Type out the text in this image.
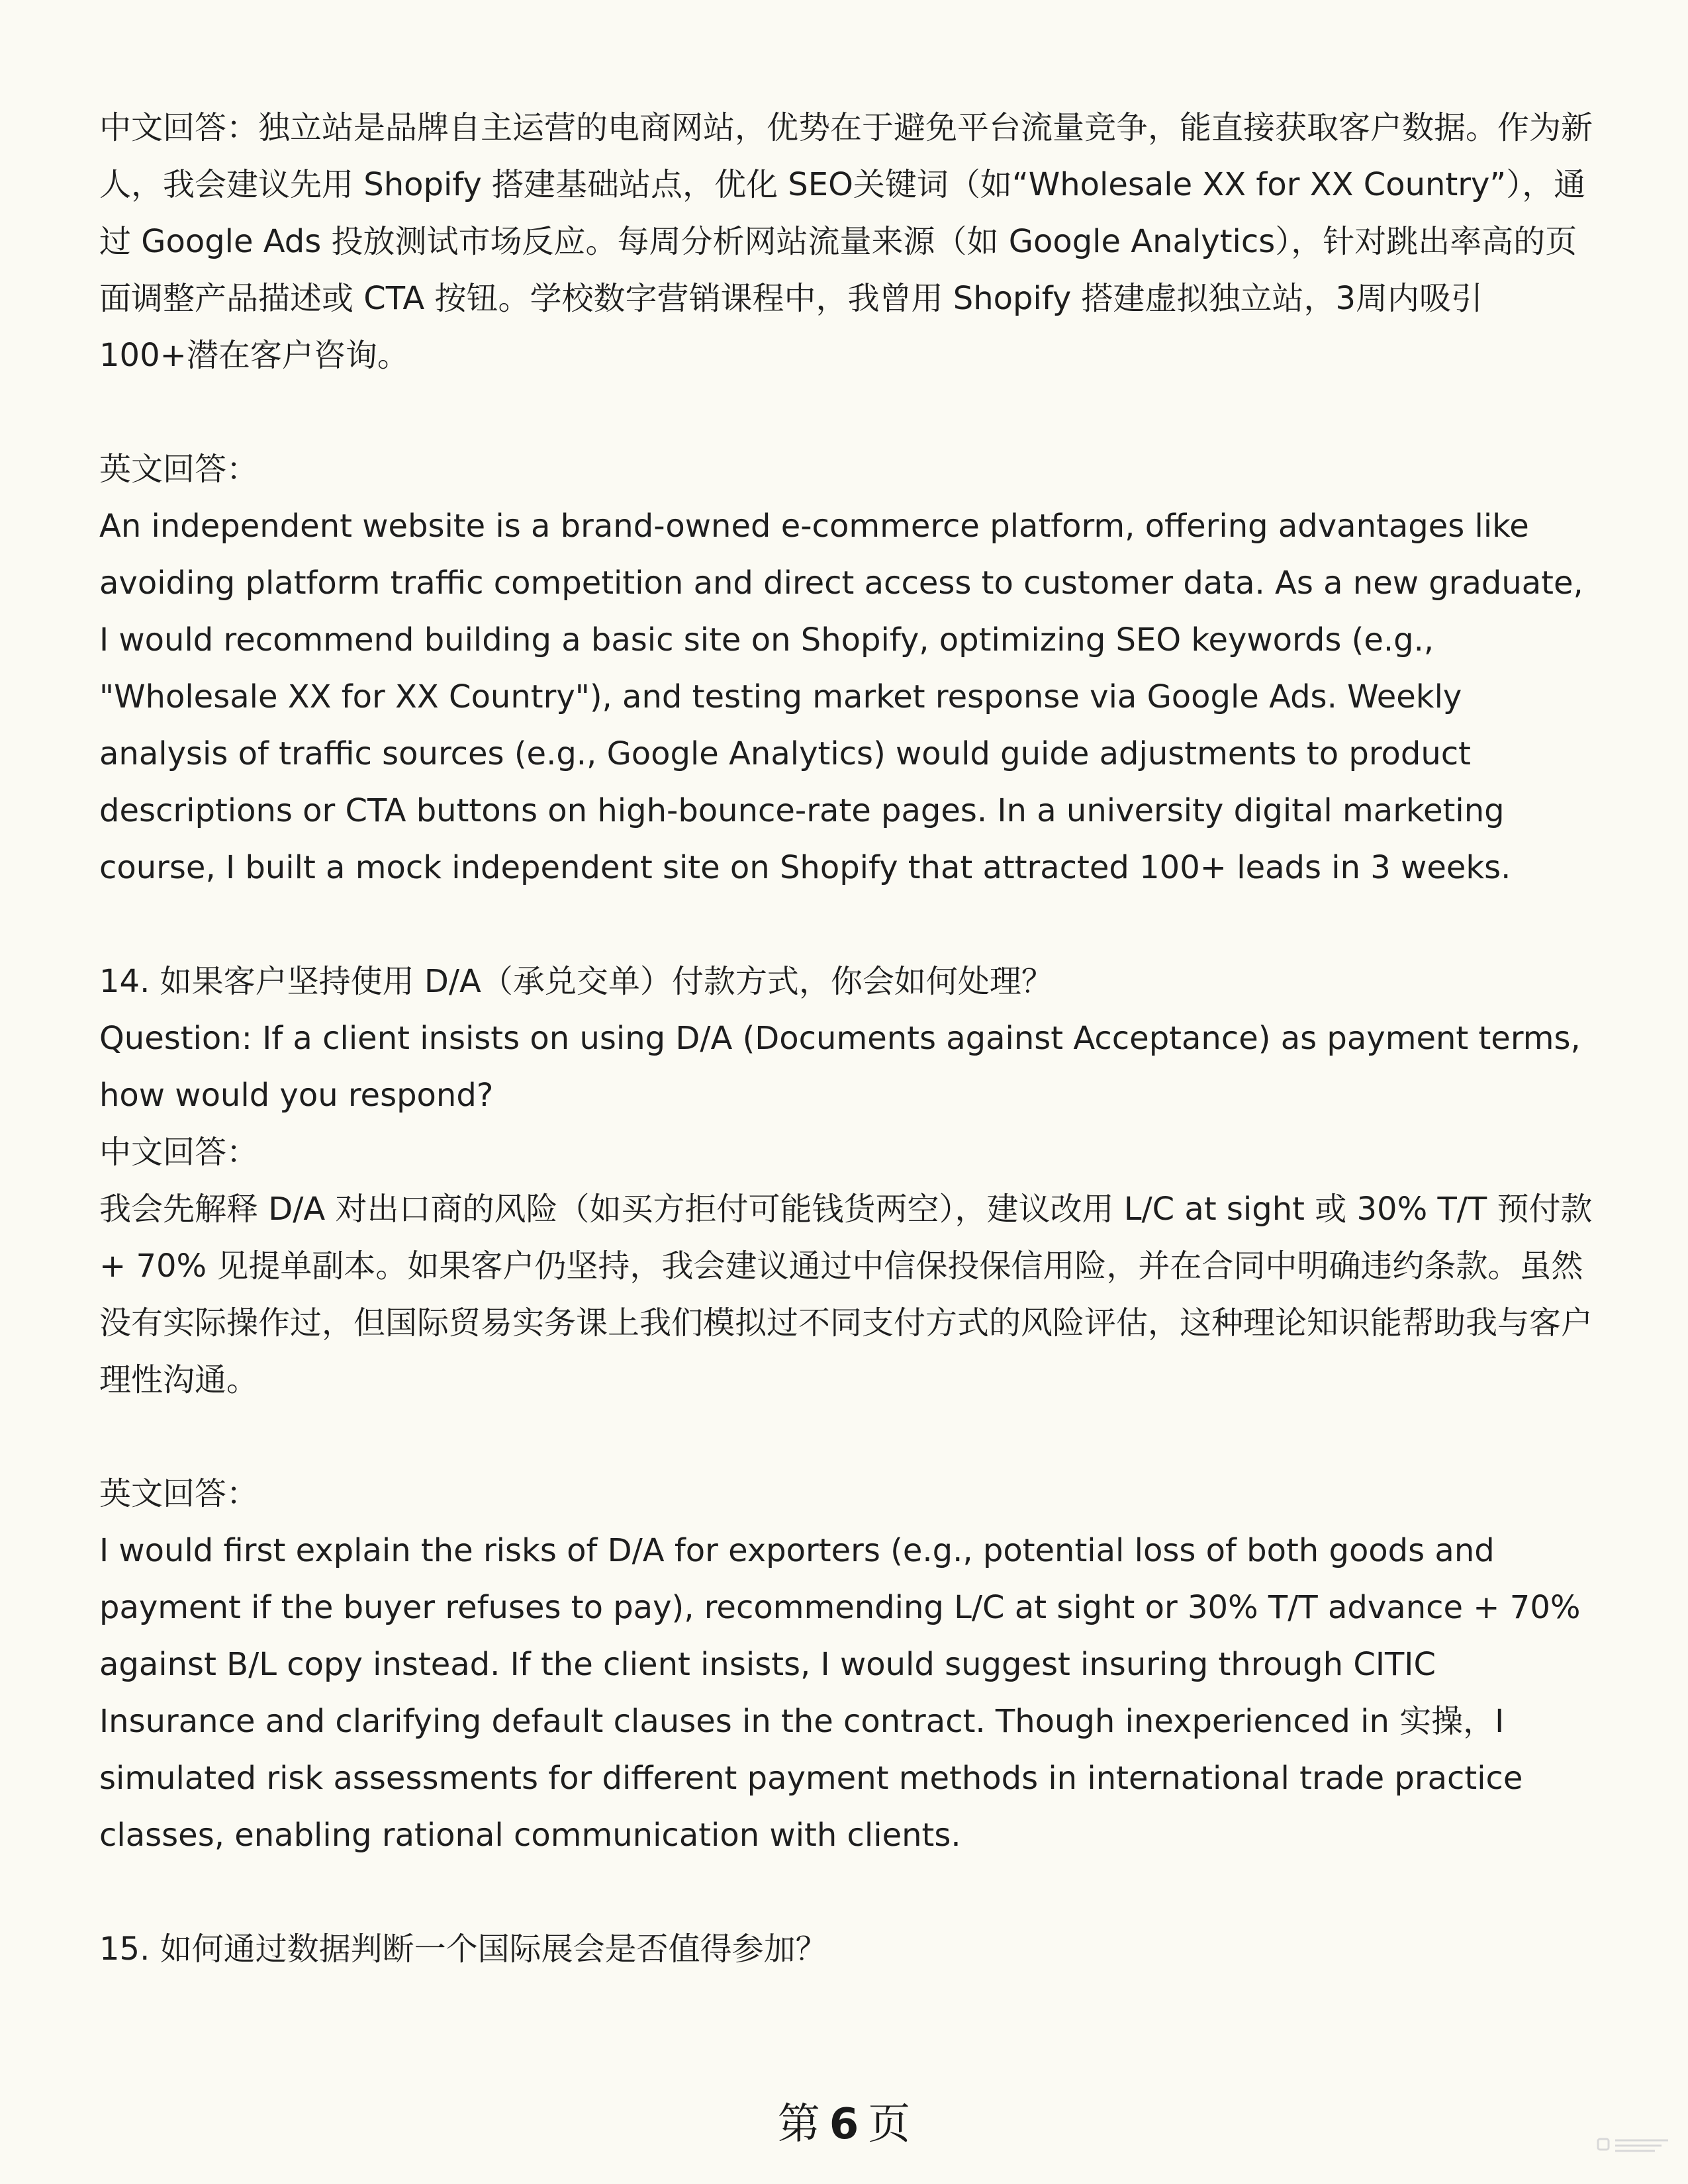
中文回答：独立站是品牌自主运营的电商网站，优势在于避免平台流量竞争，能直接获取客户数据。作为新人，我会建议先用 Shopify 搭建基础站点，优化 SEO关键词（如“Wholesale XX for XX Country”），通过 Google Ads 投放测试市场反应。每周分析网站流量来源（如 Google Analytics），针对跳出率高的页面调整产品描述或 CTA 按钮。学校数字营销课程中，我曾用 Shopify 搭建虚拟独立站，3周内吸引100+潜在客户咨询。

英文回答：

An independent website is a brand-owned e-commerce platform, offering advantages like avoiding platform traffic competition and direct access to customer data. As a new graduate, I would recommend building a basic site on Shopify, optimizing SEO keywords (e.g., "Wholesale XX for XX Country"), and testing market response via Google Ads. Weekly analysis of traffic sources (e.g., Google Analytics) would guide adjustments to product descriptions or CTA buttons on high-bounce-rate pages. In a university digital marketing course, I built a mock independent site on Shopify that attracted 100+ leads in 3 weeks.

14. 如果客户坚持使用 D/A（承兑交单）付款方式，你会如何处理？

Question: If a client insists on using D/A (Documents against Acceptance) as payment terms, how would you respond?

中文回答：

我会先解释 D/A 对出口商的风险（如买方拒付可能钱货两空），建议改用 L/C at sight 或 30% T/T 预付款 + 70% 见提单副本。如果客户仍坚持，我会建议通过中信保投保信用险，并在合同中明确违约条款。虽然没有实际操作过，但国际贸易实务课上我们模拟过不同支付方式的风险评估，这种理论知识能帮助我与客户理性沟通。

英文回答：

I would first explain the risks of D/A for exporters (e.g., potential loss of both goods and payment if the buyer refuses to pay), recommending L/C at sight or 30% T/T advance + 70% against B/L copy instead. If the client insists, I would suggest insuring through CITIC Insurance and clarifying default clauses in the contract. Though inexperienced in 实操，I simulated risk assessments for different payment methods in international trade practice classes, enabling rational communication with clients.

15. 如何通过数据判断一个国际展会是否值得参加？

第 6 页
